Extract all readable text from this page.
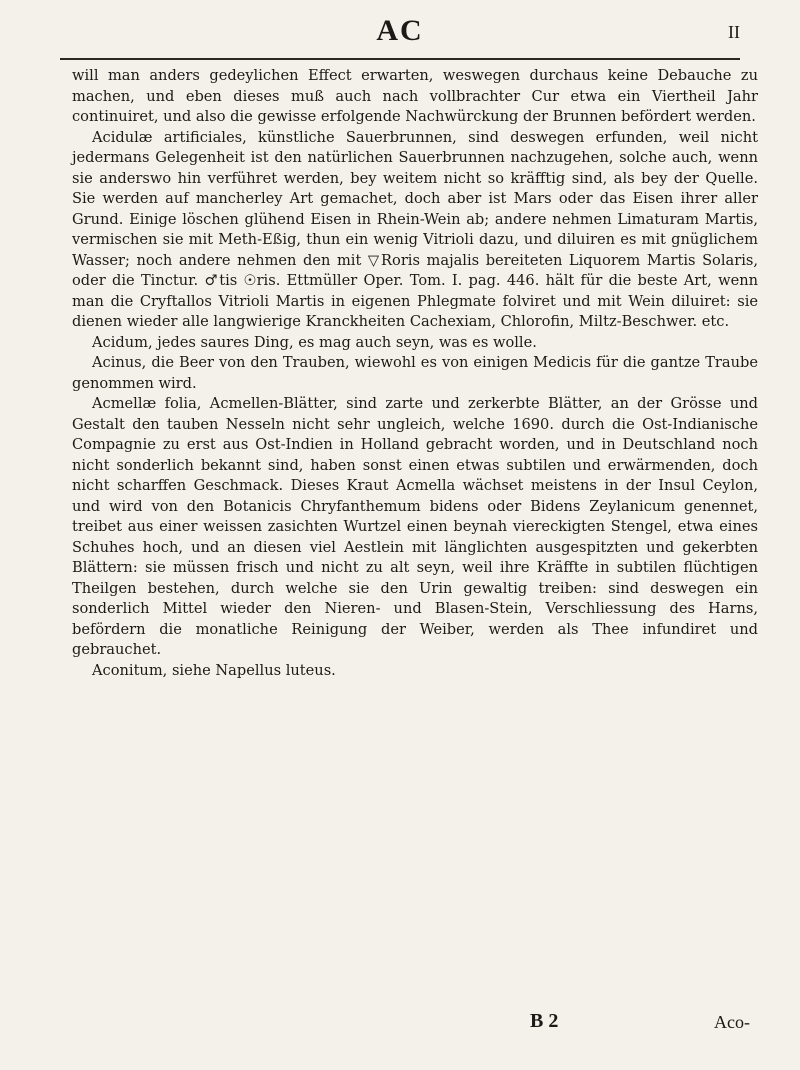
AC	II

will man anders gedeylichen Effect erwarten, weswegen durchaus keine Debauche zu machen, und eben dieses muß auch nach vollbrachter Cur etwa ein Viertheil Jahr continuiret, und also die gewisse erfolgende Nachwürckung der Brunnen befördert werden.

Acidulæ artificiales, künstliche Sauerbrunnen, sind deswegen erfunden, weil nicht jedermans Gelegenheit ist den natürlichen Sauerbrunnen nachzugehen, solche auch, wenn sie anderswo hin verführet werden, bey weitem nicht so kräfftig sind, als bey der Quelle. Sie werden auf mancherley Art gemachet, doch aber ist Mars oder das Eisen ihrer aller Grund. Einige löschen glühend Eisen in Rhein-Wein ab; andere nehmen Limaturam Martis, vermischen sie mit Meth-Eßig, thun ein wenig Vitrioli dazu, und diluiren es mit gnüglichem Wasser; noch andere nehmen den mit ▽Roris majalis bereiteten Liquorem Martis Solaris, oder die Tinctur. ♂tis ☉ris. Ettmüller Oper. Tom. I. pag. 446. hält für die beste Art, wenn man die Cryftallos Vitrioli Martis in eigenen Phlegmate folviret und mit Wein diluiret: sie dienen wieder alle langwierige Kranckheiten Cachexiam, Chlorofin, Miltz-Beschwer. etc.

Acidum, jedes saures Ding, es mag auch seyn, was es wolle.

Acinus, die Beer von den Trauben, wiewohl es von einigen Medicis für die gantze Traube genommen wird.

Acmellæ folia, Acmellen-Blätter, sind zarte und zerkerbte Blätter, an der Grösse und Gestalt den tauben Nesseln nicht sehr ungleich, welche 1690. durch die Ost-Indianische Compagnie zu erst aus Ost-Indien in Holland gebracht worden, und in Deutschland noch nicht sonderlich bekannt sind, haben sonst einen etwas subtilen und erwärmenden, doch nicht scharffen Geschmack. Dieses Kraut Acmella wächset meistens in der Insul Ceylon, und wird von den Botanicis Chryfanthemum bidens oder Bidens Zeylanicum genennet, treibet aus einer weissen zasichten Wurtzel einen beynah viereckigten Stengel, etwa eines Schuhes hoch, und an diesen viel Aestlein mit länglichten ausgespitzten und gekerbten Blättern: sie müssen frisch und nicht zu alt seyn, weil ihre Kräffte in subtilen flüchtigen Theilgen bestehen, durch welche sie den Urin gewaltig treiben: sind deswegen ein sonderlich Mittel wieder den Nieren- und Blasen-Stein, Verschliessung des Harns, befördern die monatliche Reinigung der Weiber, werden als Thee infundiret und gebrauchet.

Aconitum, siehe Napellus luteus.

B 2	Aco-
